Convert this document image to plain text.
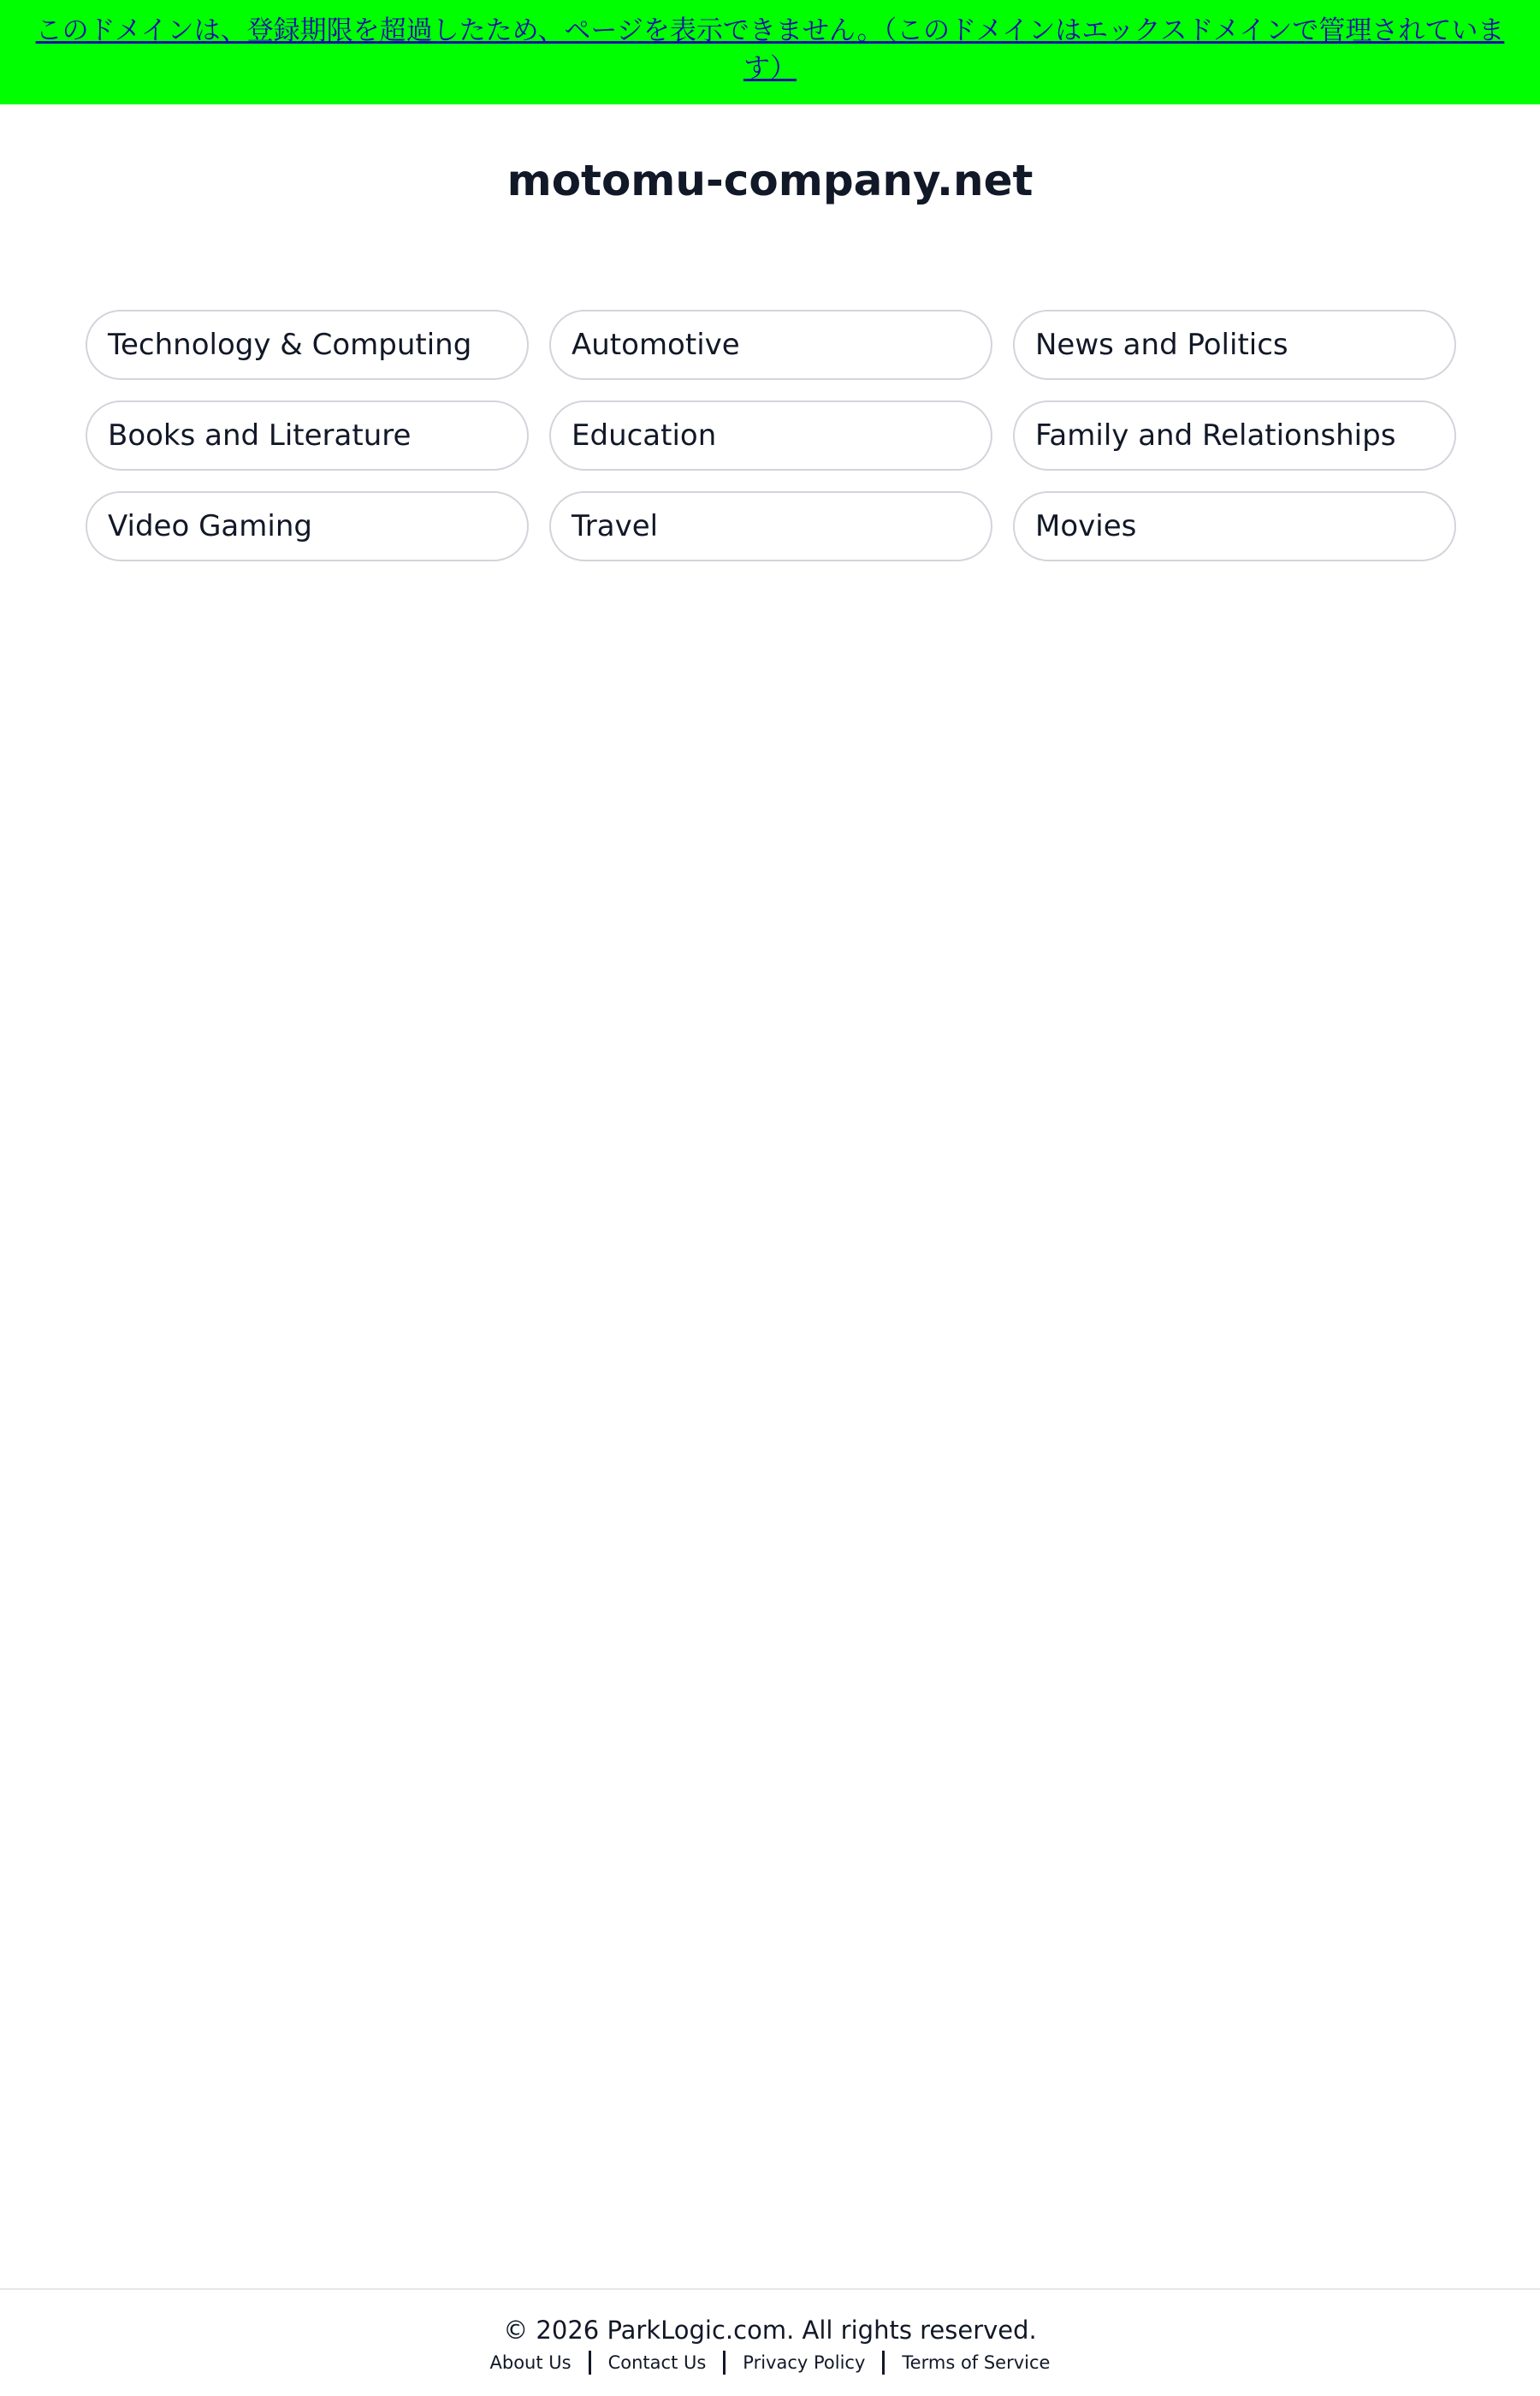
このドメインは、登録期限を超過したため、ページを表示できません。（このドメインはエックスドメインで管理されています）
motomu-company.net
Technology & Computing	Automotive	News and Politics
Books and Literature	Education	Family and Relationships
Video Gaming	Travel	Movies
© 2026 ParkLogic.com. All rights reserved.
About Us Contact Us Privacy Policy Terms of Service
